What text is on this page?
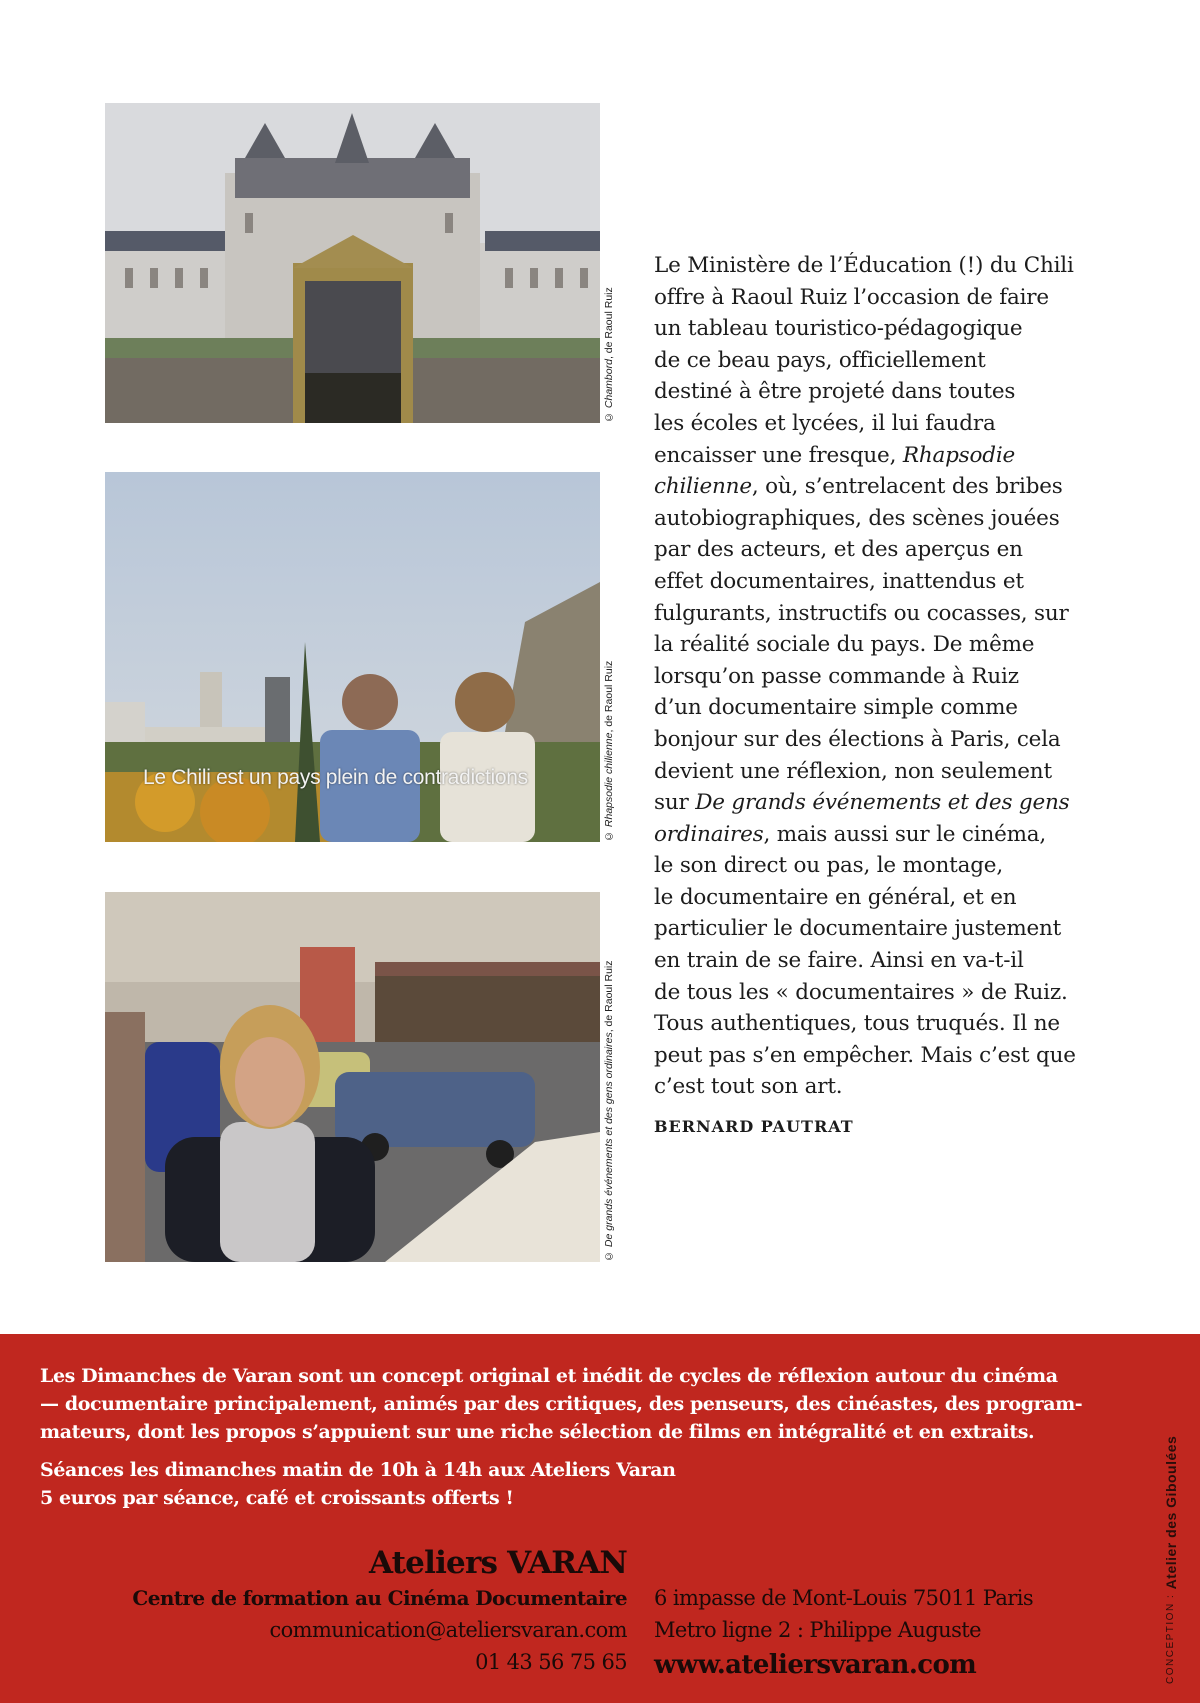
© Chambord, de Raoul Ruiz
Le Chili est un pays plein de contradictions
© Rhapsodie chilienne, de Raoul Ruiz
© De grands événements et des gens ordinaires, de Raoul Ruiz

Le Ministère de l’Éducation (!) du Chili
offre à Raoul Ruiz l’occasion de faire
un tableau touristico-pédagogique
de ce beau pays, officiellement
destiné à être projeté dans toutes
les écoles et lycées, il lui faudra
encaisser une fresque, Rhapsodie
chilienne, où, s’entrelacent des bribes
autobiographiques, des scènes jouées
par des acteurs, et des aperçus en
effet documentaires, inattendus et
fulgurants, instructifs ou cocasses, sur
la réalité sociale du pays. De même
lorsqu’on passe commande à Ruiz
d’un documentaire simple comme
bonjour sur des élections à Paris, cela
devient une réflexion, non seulement
sur De grands événements et des gens
ordinaires, mais aussi sur le cinéma,
le son direct ou pas, le montage,
le documentaire en général, et en
particulier le documentaire justement
en train de se faire. Ainsi en va-t-il
de tous les « documentaires » de Ruiz.
Tous authentiques, tous truqués. Il ne
peut pas s’en empêcher. Mais c’est que
c’est tout son art.

BERNARD PAUTRAT

Les Dimanches de Varan sont un concept original et inédit de cycles de réflexion autour du cinéma

— documentaire principalement, animés par des critiques, des penseurs, des cinéastes, des program-

mateurs, dont les propos s’appuient sur une riche sélection de films en intégralité et en extraits.

Séances les dimanches matin de 10h à 14h aux Ateliers Varan

5 euros par séance, café et croissants offerts !

Ateliers VARAN
Centre de formation au Cinéma Documentaire
communication@ateliersvaran.com
01 43 56 75 65
6 impasse de Mont-Louis 75011 Paris
Metro ligne 2 : Philippe Auguste
www.ateliersvaran.com	CONCEPTION : Atelier des Giboulées
